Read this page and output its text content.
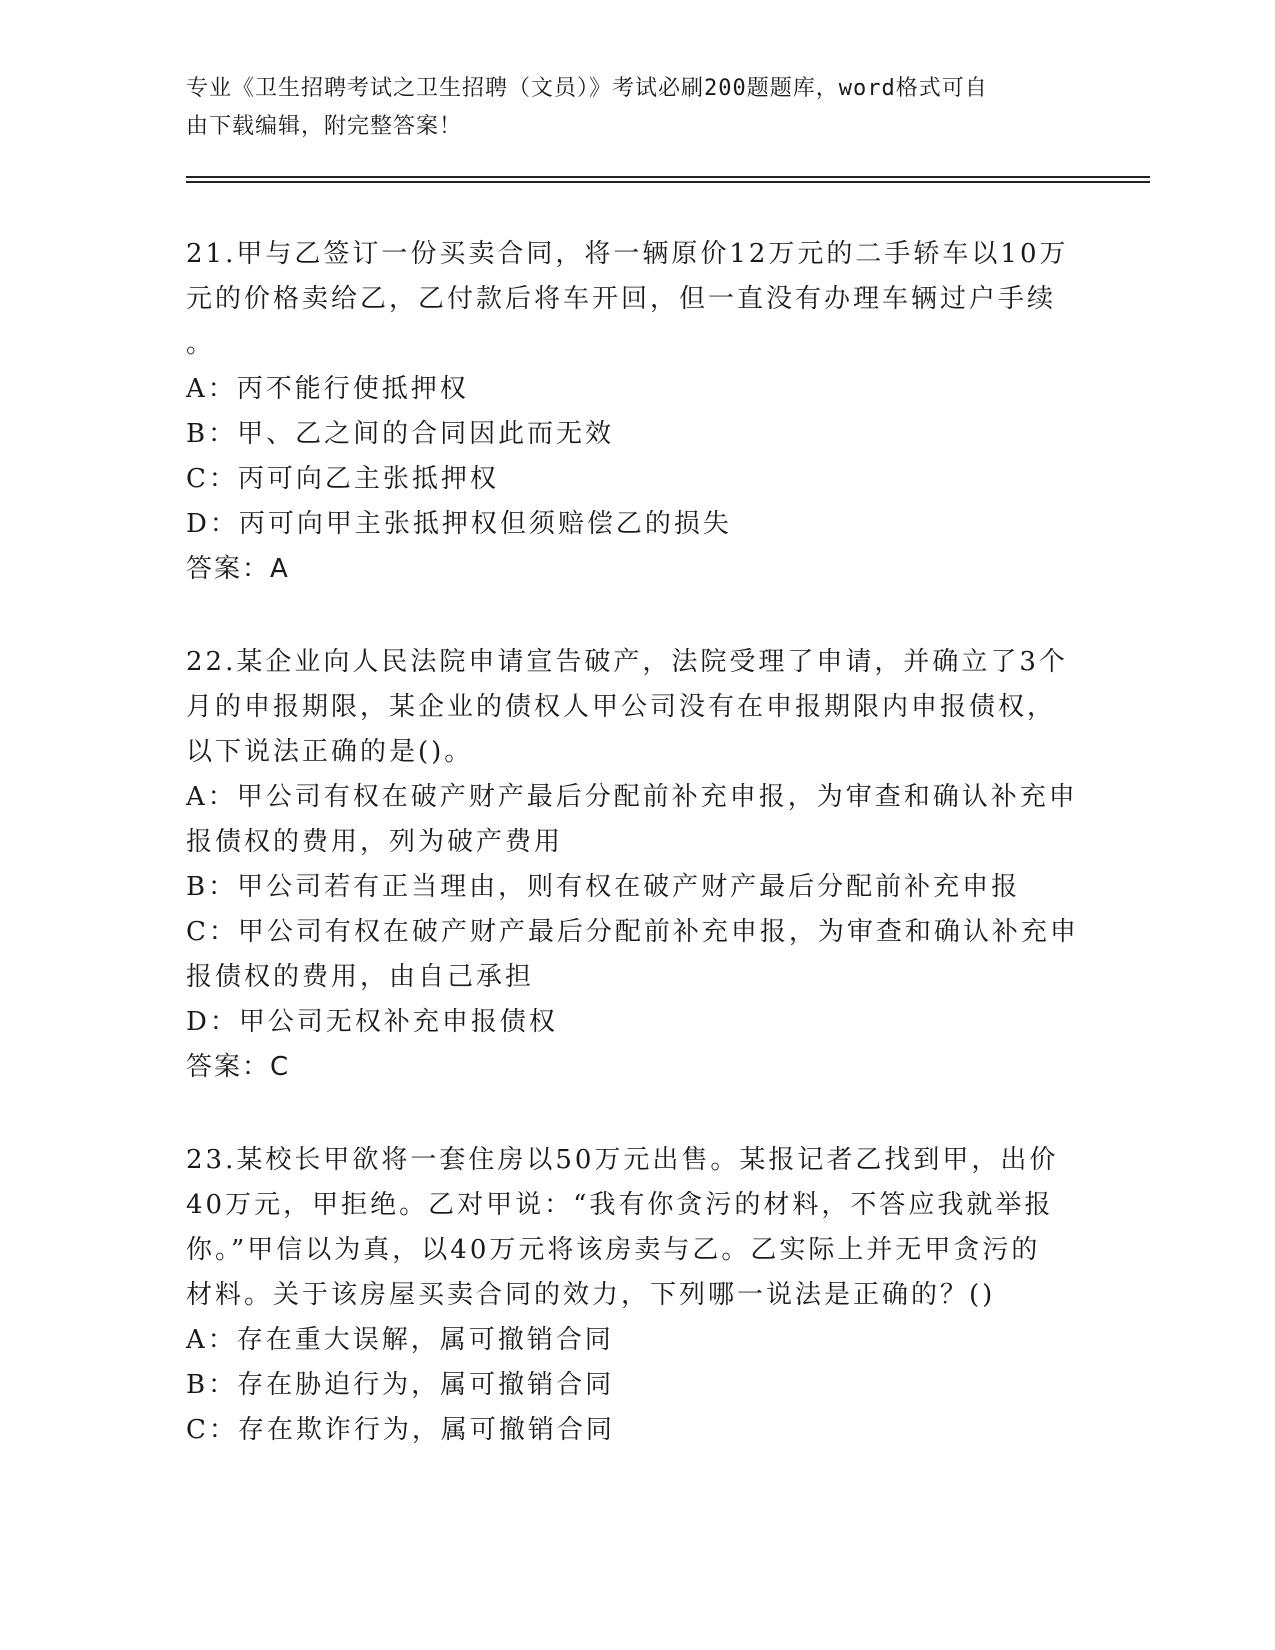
专业《卫生招聘考试之卫生招聘（文员）》考试必刷200题题库，word格式可自
由下载编辑，附完整答案！
21.甲与乙签订一份买卖合同，将一辆原价12万元的二手轿车以10万
元的价格卖给乙，乙付款后将车开回，但一直没有办理车辆过户手续
。
A：丙不能行使抵押权
B：甲、乙之间的合同因此而无效
C：丙可向乙主张抵押权
D：丙可向甲主张抵押权但须赔偿乙的损失
答案：A
22.某企业向人民法院申请宣告破产，法院受理了申请，并确立了3个
月的申报期限，某企业的债权人甲公司没有在申报期限内申报债权，
以下说法正确的是()。
A：甲公司有权在破产财产最后分配前补充申报，为审查和确认补充申
报债权的费用，列为破产费用
B：甲公司若有正当理由，则有权在破产财产最后分配前补充申报
C：甲公司有权在破产财产最后分配前补充申报，为审查和确认补充申
报债权的费用，由自己承担
D：甲公司无权补充申报债权
答案：C
23.某校长甲欲将一套住房以50万元出售。某报记者乙找到甲，出价
40万元，甲拒绝。乙对甲说：“我有你贪污的材料，不答应我就举报
你。”甲信以为真，以40万元将该房卖与乙。乙实际上并无甲贪污的
材料。关于该房屋买卖合同的效力，下列哪一说法是正确的？()
A：存在重大误解，属可撤销合同
B：存在胁迫行为，属可撤销合同
C：存在欺诈行为，属可撤销合同
